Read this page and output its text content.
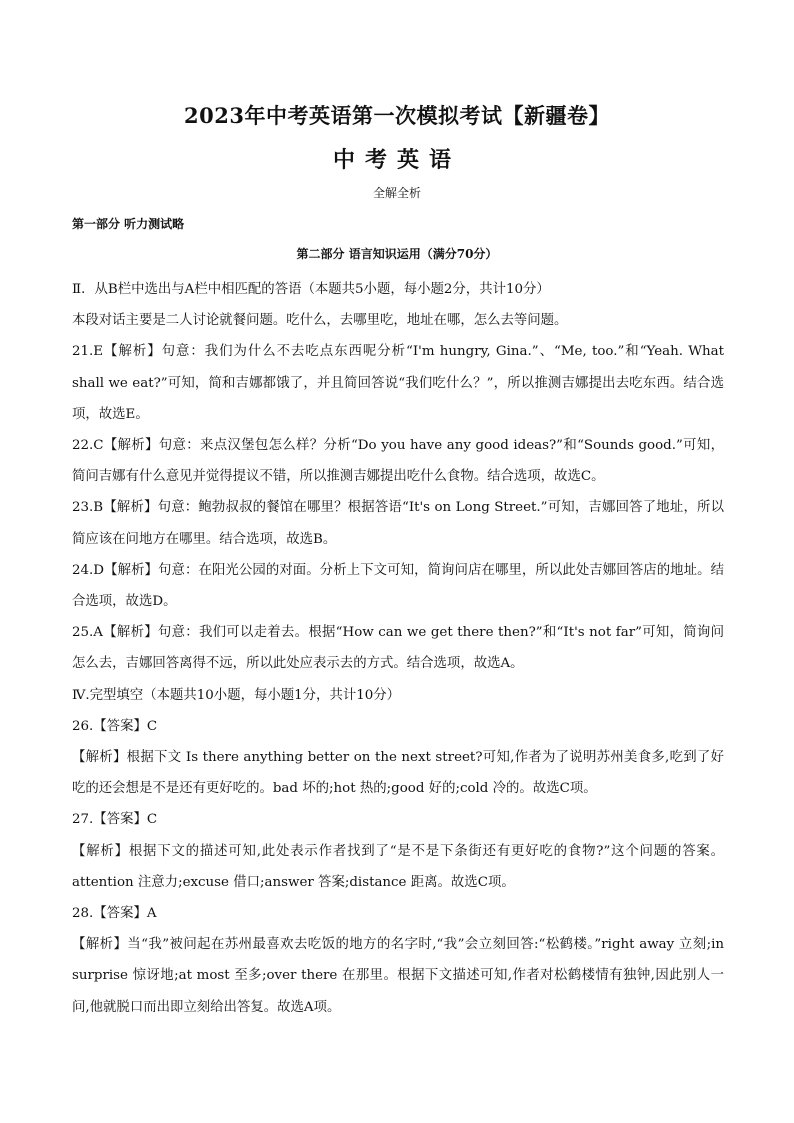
2023年中考英语第一次模拟考试【新疆卷】
中考英语
全解全析
第一部分 听力测试略
第二部分 语言知识运用（满分70分）

Ⅱ．从B栏中选出与A栏中相匹配的答语（本题共5小题，每小题2分，共计10分）

本段对话主要是二人讨论就餐问题。吃什么，去哪里吃，地址在哪，怎么去等问题。

21.E【解析】句意：我们为什么不去吃点东西呢分析“I'm hungry, Gina.”、“Me, too.”和“Yeah. What shall we eat?”可知，简和吉娜都饿了，并且简回答说“我们吃什么？”，所以推测吉娜提出去吃东西。结合选项，故选E。

22.C【解析】句意：来点汉堡包怎么样？分析“Do you have any good ideas?”和“Sounds good.”可知，简问吉娜有什么意见并觉得提议不错，所以推测吉娜提出吃什么食物。结合选项，故选C。

23.B【解析】句意：鲍勃叔叔的餐馆在哪里？根据答语“It's on Long Street.”可知，吉娜回答了地址，所以简应该在问地方在哪里。结合选项，故选B。

24.D【解析】句意：在阳光公园的对面。分析上下文可知，简询问店在哪里，所以此处吉娜回答店的地址。结合选项，故选D。

25.A【解析】句意：我们可以走着去。根据“How can we get there then?”和“It's not far”可知，简询问怎么去，吉娜回答离得不远，所以此处应表示去的方式。结合选项，故选A。

Ⅳ.完型填空（本题共10小题，每小题1分，共计10分）

26.【答案】C

【解析】根据下文 Is there anything better on the next street?可知,作者为了说明苏州美食多,吃到了好吃的还会想是不是还有更好吃的。bad 坏的;hot 热的;good 好的;cold 冷的。故选C项。

27.【答案】C

【解析】根据下文的描述可知,此处表示作者找到了“是不是下条街还有更好吃的食物?”这个问题的答案。attention 注意力;excuse 借口;answer 答案;distance 距离。故选C项。

28.【答案】A

【解析】当“我”被问起在苏州最喜欢去吃饭的地方的名字时,“我”会立刻回答:“松鹤楼。”right away 立刻;in surprise 惊讶地;at most 至多;over there 在那里。根据下文描述可知,作者对松鹤楼情有独钟,因此别人一问,他就脱口而出即立刻给出答复。故选A项。
